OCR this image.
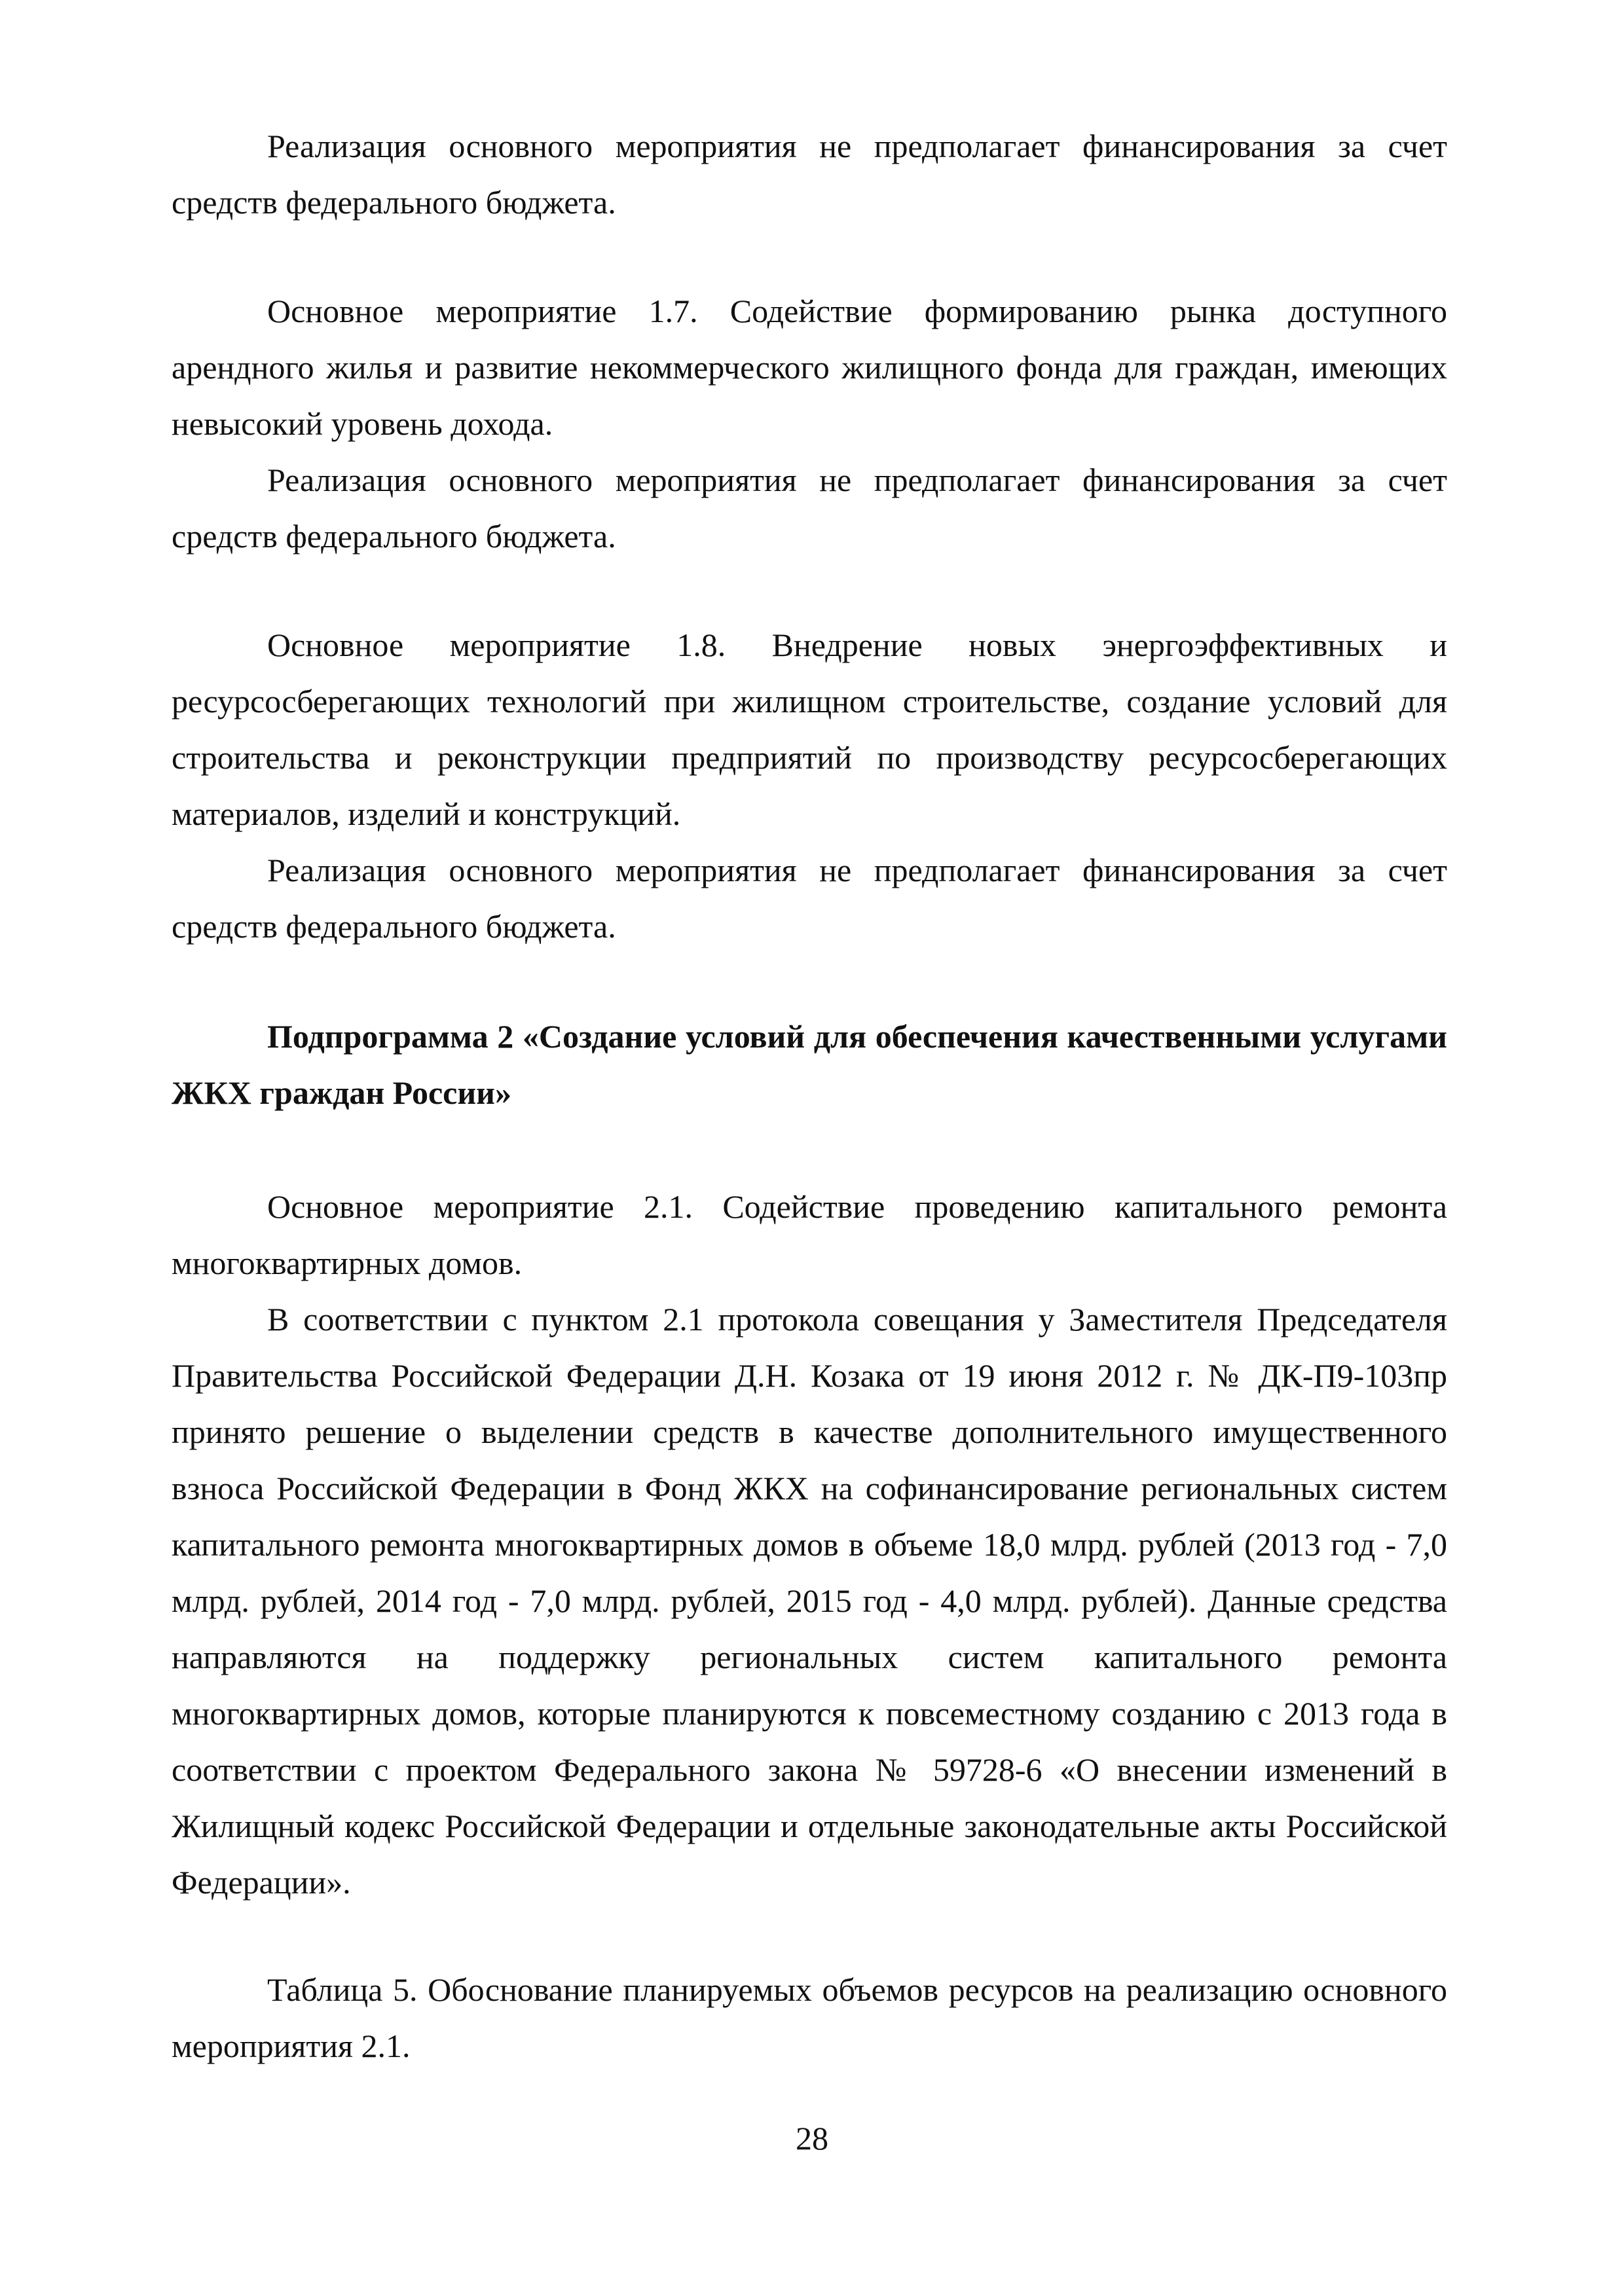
Реализация основного мероприятия не предполагает финансирования за счет средств федерального бюджета.

Основное мероприятие 1.7. Содействие формированию рынка доступного арендного жилья и развитие некоммерческого жилищного фонда для граждан, имеющих невысокий уровень дохода.

Реализация основного мероприятия не предполагает финансирования за счет средств федерального бюджета.

Основное мероприятие 1.8. Внедрение новых энергоэффективных и ресурсосберегающих технологий при жилищном строительстве, создание условий для строительства и реконструкции предприятий по производству ресурсосберегающих материалов, изделий и конструкций.

Реализация основного мероприятия не предполагает финансирования за счет средств федерального бюджета.

Подпрограмма 2 «Создание условий для обеспечения качественными услугами ЖКХ граждан России»

Основное мероприятие 2.1. Содействие проведению капитального ремонта многоквартирных домов.

В соответствии с пунктом 2.1 протокола совещания у Заместителя Председателя Правительства Российской Федерации Д.Н. Козака от 19 июня 2012 г. № ДК-П9-103пр принято решение о выделении средств в качестве дополнительного имущественного взноса Российской Федерации в Фонд ЖКХ на софинансирование региональных систем капитального ремонта многоквартирных домов в объеме 18,0 млрд. рублей (2013 год - 7,0 млрд. рублей, 2014 год - 7,0 млрд. рублей, 2015 год - 4,0 млрд. рублей). Данные средства направляются на поддержку региональных систем капитального ремонта многоквартирных домов, которые планируются к повсеместному созданию с 2013 года в соответствии с проектом Федерального закона № 59728-6 «О внесении изменений в Жилищный кодекс Российской Федерации и отдельные законодательные акты Российской Федерации».

Таблица 5. Обоснование планируемых объемов ресурсов на реализацию основного мероприятия 2.1.

28
